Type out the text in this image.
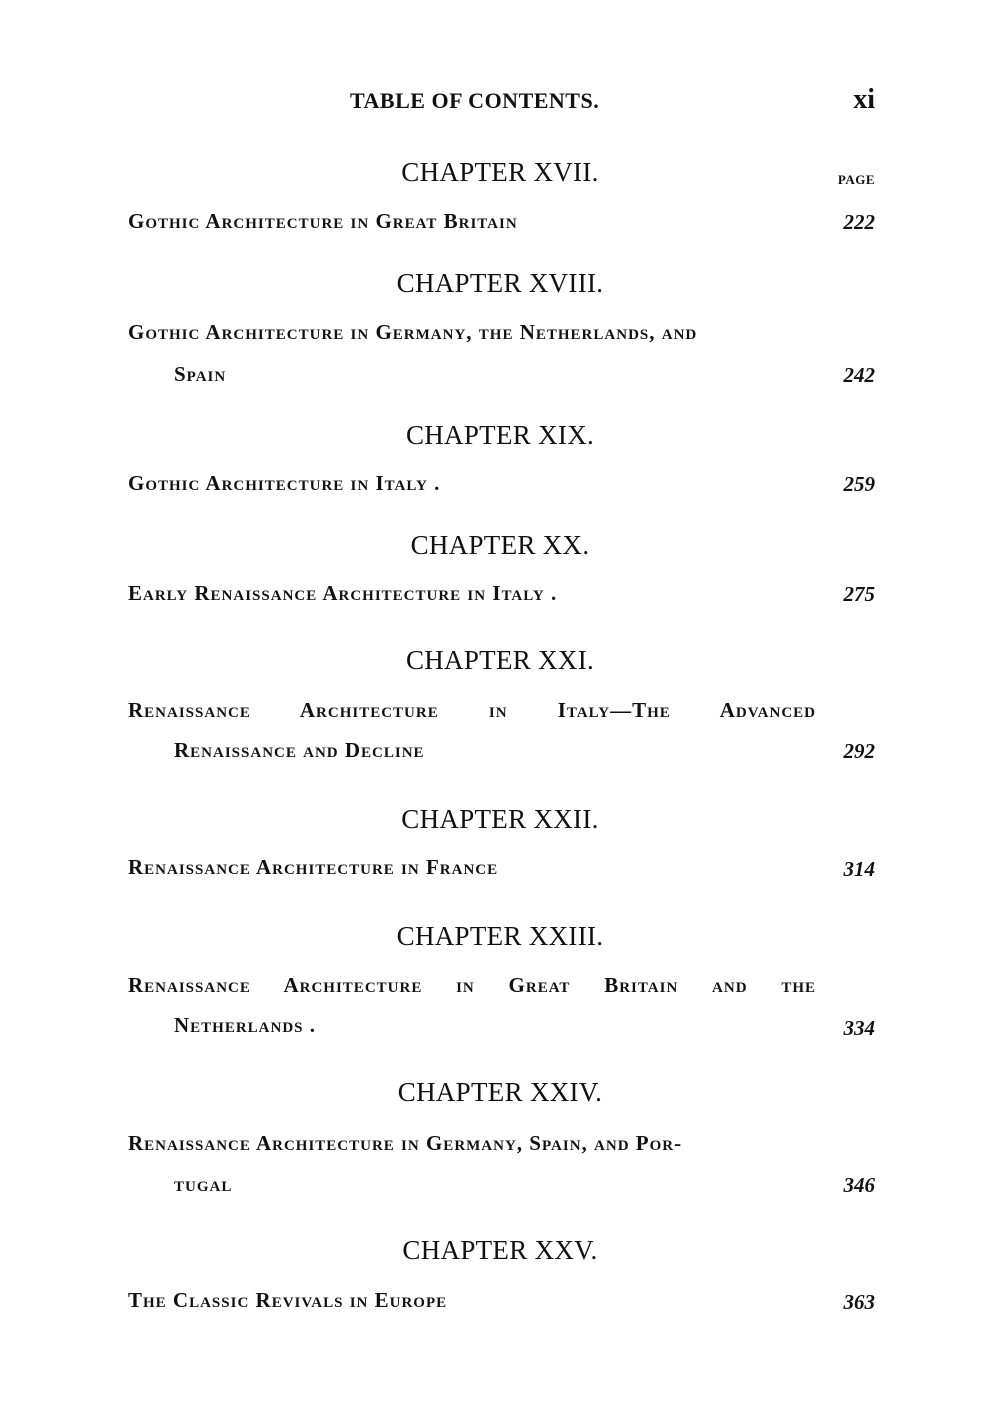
TABLE OF CONTENTS.	xi
PAGE
CHAPTER XVII.
Gothic Architecture in Great Britain	222
CHAPTER XVIII.
Gothic Architecture in Germany, the Netherlands, and
Spain	242
CHAPTER XIX.
Gothic Architecture in Italy .	259
CHAPTER XX.
Early Renaissance Architecture in Italy .	275
CHAPTER XXI.
Renaissance Architecture in Italy—The Advanced
Renaissance and Decline	292
CHAPTER XXII.
Renaissance Architecture in France	314
CHAPTER XXIII.
Renaissance Architecture in Great Britain and the
Netherlands .	334
CHAPTER XXIV.
Renaissance Architecture in Germany, Spain, and Por-
tugal	346
CHAPTER XXV.
The Classic Revivals in Europe	363
